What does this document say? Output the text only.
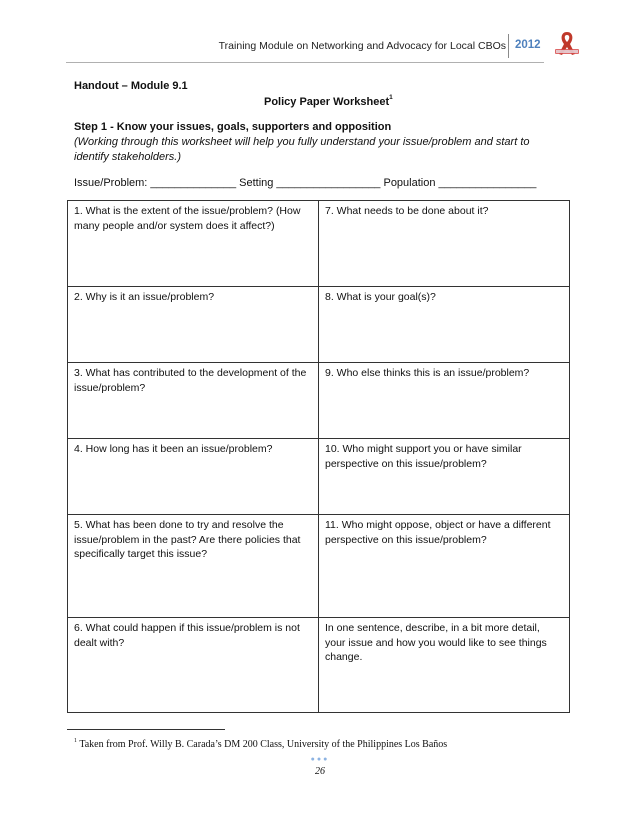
Training Module on Networking and Advocacy for Local CBOs 2012
Handout – Module 9.1
Policy Paper Worksheet$^1$
Step 1 - Know your issues, goals, supporters and opposition
(Working through this worksheet will help you fully understand your issue/problem and start to identify stakeholders.)
Issue/Problem: ______________ Setting _________________ Population ________________
1. What is the extent of the issue/problem? (How many people and/or system does it affect?)	7. What needs to be done about it?
2. Why is it an issue/problem?	8. What is your goal(s)?
3. What has contributed to the development of the issue/problem?	9. Who else thinks this is an issue/problem?
4. How long has it been an issue/problem?	10. Who might support you or have similar perspective on this issue/problem?
5. What has been done to try and resolve the issue/problem in the past? Are there policies that specifically target this issue?	11. Who might oppose, object or have a different perspective on this issue/problem?
6. What could happen if this issue/problem is not dealt with?	In one sentence, describe, in a bit more detail, your issue and how you would like to see things change.
$^1$ Taken from Prof. Willy B. Carada’s DM 200 Class, University of the Philippines Los Baños
●●●
26
